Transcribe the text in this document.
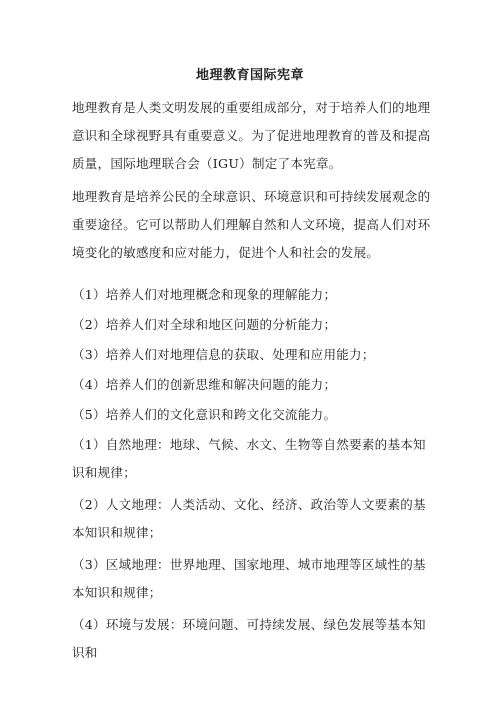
地理教育国际宪章
地理教育是人类文明发展的重要组成部分，对于培养人们的地理意识和全球视野具有重要意义。为了促进地理教育的普及和提高质量，国际地理联合会（IGU）制定了本宪章。
地理教育是培养公民的全球意识、环境意识和可持续发展观念的重要途径。它可以帮助人们理解自然和人文环境，提高人们对环境变化的敏感度和应对能力，促进个人和社会的发展。
（1）培养人们对地理概念和现象的理解能力；
（2）培养人们对全球和地区问题的分析能力；
（3）培养人们对地理信息的获取、处理和应用能力；
（4）培养人们的创新思维和解决问题的能力；
（5）培养人们的文化意识和跨文化交流能力。
（1）自然地理：地球、气候、水文、生物等自然要素的基本知识和规律；
（2）人文地理：人类活动、文化、经济、政治等人文要素的基本知识和规律；
（3）区域地理：世界地理、国家地理、城市地理等区域性的基本知识和规律；
（4）环境与发展：环境问题、可持续发展、绿色发展等基本知识和
